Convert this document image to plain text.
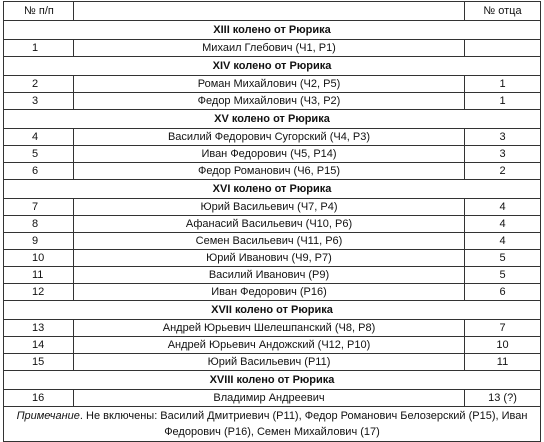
№ п/п		№ отца
XIII колено от Рюрика		
1	Михаил Глебович (Ч1, Р1)	
XIV колено от Рюрика		
2	Роман Михайлович (Ч2, Р5)	1
3	Федор Михайлович (Ч3, Р2)	1
XV колено от Рюрика		
4	Василий Федорович Сугорский (Ч4, Р3)	3
5	Иван Федорович (Ч5, Р14)	3
6	Федор Романович (Ч6, Р15)	2
XVI колено от Рюрика		
7	Юрий Васильевич (Ч7, Р4)	4
8	Афанасий Васильевич (Ч10, Р6)	4
9	Семен Васильевич (Ч11, Р6)	4
10	Юрий Иванович (Ч9, Р7)	5
11	Василий Иванович (Р9)	5
12	Иван Федорович (Р16)	6
XVII колено от Рюрика		
13	Андрей Юрьевич Шелешпанский (Ч8, Р8)	7
14	Андрей Юрьевич Андожский (Ч12, Р10)	10
15	Юрий Васильевич (Р11)	11
XVIII колено от Рюрика		
16	Владимир Андреевич	13 (?)
Примечание. Не включены: Василий Дмитриевич (Р11), Федор Романович Белозерский (Р15), Иван Федорович (Р16), Семен Михайлович (17)		
